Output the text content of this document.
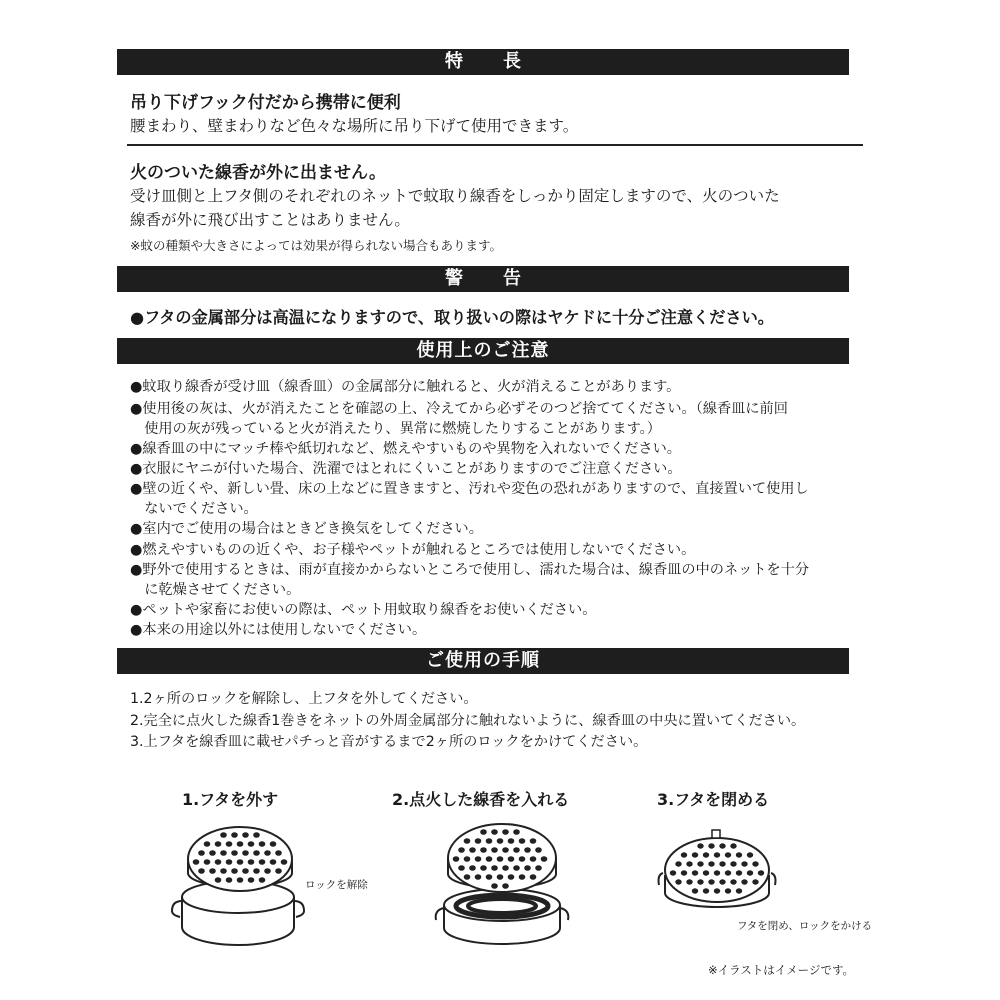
特長
吊り下げフック付だから携帯に便利
腰まわり、壁まわりなど色々な場所に吊り下げて使用できます。
火のついた線香が外に出ません。
受け皿側と上フタ側のそれぞれのネットで蚊取り線香をしっかり固定しますので、火のついた
線香が外に飛び出すことはありません。
※蚊の種類や大きさによっては効果が得られない場合もあります。
警告
●フタの金属部分は高温になりますので、取り扱いの際はヤケドに十分ご注意ください。
使用上のご注意
●蚊取り線香が受け皿（線香皿）の金属部分に触れると、火が消えることがあります。
●使用後の灰は、火が消えたことを確認の上、冷えてから必ずそのつど捨ててください。（線香皿に前回
　使用の灰が残っていると火が消えたり、異常に燃焼したりすることがあります。）
●線香皿の中にマッチ棒や紙切れなど、燃えやすいものや異物を入れないでください。
●衣服にヤニが付いた場合、洗濯ではとれにくいことがありますのでご注意ください。
●壁の近くや、新しい畳、床の上などに置きますと、汚れや変色の恐れがありますので、直接置いて使用し
　ないでください。
●室内でご使用の場合はときどき換気をしてください。
●燃えやすいものの近くや、お子様やペットが触れるところでは使用しないでください。
●野外で使用するときは、雨が直接かからないところで使用し、濡れた場合は、線香皿の中のネットを十分
　に乾燥させてください。
●ペットや家畜にお使いの際は、ペット用蚊取り線香をお使いください。
●本来の用途以外には使用しないでください。
ご使用の手順
1.2ヶ所のロックを解除し、上フタを外してください。
2.完全に点火した線香1巻きをネットの外周金属部分に触れないように、線香皿の中央に置いてください。
3.上フタを線香皿に載せパチっと音がするまで2ヶ所のロックをかけてください。
1.フタを外す	2.点火した線香を入れる	3.フタを閉める
ロックを解除
フタを閉め、ロックをかける
※イラストはイメージです。
